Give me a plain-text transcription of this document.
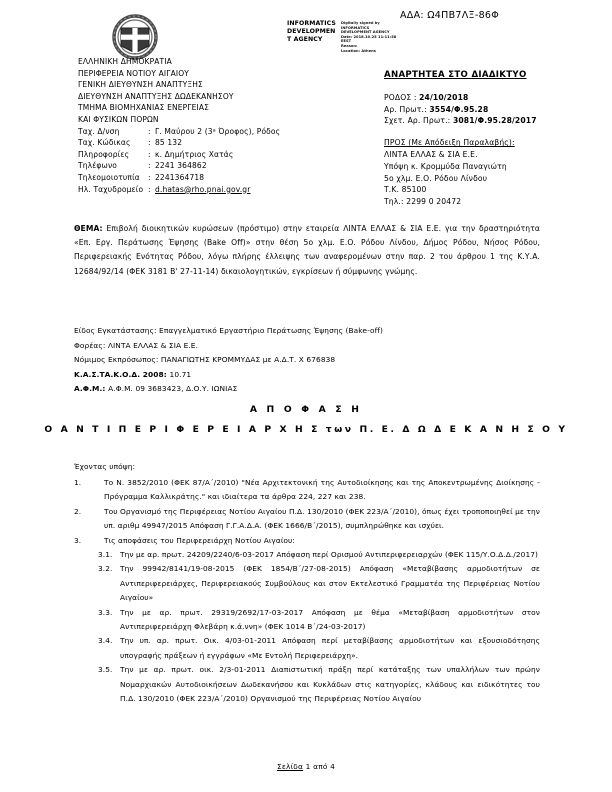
ΑΔΑ: Ω4ΠΒ7ΛΞ-86Φ
INFORMATICS
DEVELOPMEN
T AGENCY
Digitally signed by
INFORMATICS
DEVELOPMENT AGENCY
Date: 2018.10.25 11:11:58
EEST
Reason:
Location: Athens
ΕΛΛΗΝΙΚΗ ΔΗΜΟΚΡΑΤΙΑ
ΠΕΡΙΦΕΡΕΙΑ ΝΟΤΙΟΥ ΑΙΓΑΙΟΥ
ΓΕΝΙΚΗ ΔΙΕΥΘΥΝΣΗ ΑΝΑΠΤΥΞΗΣ
ΔΙΕΥΘΥΝΣΗ ΑΝΑΠΤΥΞΗΣ ΔΩΔΕΚΑΝΗΣΟΥ
ΤΜΗΜΑ ΒΙΟΜΗΧΑΝΙΑΣ ΕΝΕΡΓΕΙΑΣ
ΚΑΙ ΦΥΣΙΚΩΝ ΠΟΡΩΝ
Ταχ. Δ/νση	: Γ. Μαύρου 2 (3ᵃ Όροφος), Ρόδος
Ταχ. Κώδικας	: 85 132
Πληροφορίες	: κ. Δημήτριος Χατάς
Τηλέφωνο	: 2241 364862
Τηλεομοιοτυπία	: 2241364718
Ηλ. Ταχυδρομείο : d.hatas@rho.pnai.gov.gr
ΑΝΑΡΤΗΤΕΑ ΣΤΟ ΔΙΑΔΙΚΤΥΟ
ΡΟΔΟΣ : 24/10/2018
Αρ. Πρωτ.: 3554/Φ.95.28
Σχετ. Αρ. Πρωτ.: 3081/Φ.95.28/2017
ΠΡΟΣ (Με Απόδειξη Παραλαβής):
ΛΙΝΤΑ ΕΛΛΑΣ & ΣΙΑ Ε.Ε.
Υπόψη κ. Κρομμύδα Παναγιώτη
5ο χλμ. Ε.Ο. Ρόδου Λίνδου
Τ.Κ. 85100
Τηλ.: 2299 0 20472
ΘΕΜΑ: Επιβολή διοικητικών κυρώσεων (πρόστιμο) στην εταιρεία ΛΙΝΤΑ ΕΛΛΑΣ & ΣΙΑ Ε.Ε. για την δραστηριότητα «Επ. Εργ. Περάτωσης Έψησης (Bake Off)» στην θέση 5ο χλμ. Ε.Ο. Ρόδου Λίνδου, Δήμος Ρόδου, Νήσος Ρόδου, Περιφερειακής Ενότητας Ρόδου, λόγω πλήρης έλλειψης των αναφερομένων στην παρ. 2 του άρθρου 1 της Κ.Υ.Α. 12684/92/14 (ΦΕΚ 3181 Β' 27-11-14) δικαιολογητικών, εγκρίσεων ή σύμφωνης γνώμης.
Είδος Εγκατάστασης: Επαγγελματικό Εργαστήριο Περάτωσης Έψησης (Bake-off)
Φορέας: ΛΙΝΤΑ ΕΛΛΑΣ & ΣΙΑ Ε.Ε.
Νόμιμος Εκπρόσωπος: ΠΑΝΑΓΙΩΤΗΣ ΚΡΟΜΜΥΔΑΣ με Α.Δ.Τ. Χ 676838
Κ.Α.Σ.ΤΑ.Κ.Ο.Δ. 2008: 10.71
Α.Φ.Μ.: Α.Φ.Μ. 09 3683423, Δ.Ο.Υ. ΙΩΝΙΑΣ
Α Π Ο Φ Α Σ Η
Ο Α Ν Τ Ι Π Ε Ρ Ι Φ Ε Ρ Ε Ι Α Ρ Χ Η Σ των Π. Ε. Δ Ω Δ Ε Κ Α Ν Η Σ Ο Υ
Έχοντας υπόψη:
1.	Το Ν. 3852/2010 (ΦΕΚ 87/Α΄/2010) "Νέα Αρχιτεκτονική της Αυτοδιοίκησης και της Αποκεντρωμένης Διοίκησης - Πρόγραμμα Καλλικράτης." και ιδιαίτερα τα άρθρα 224, 227 και 238.
2.	Του Οργανισμό της Περιφέρειας Νοτίου Αιγαίου Π.Δ. 130/2010 (ΦΕΚ 223/Α΄/2010), όπως έχει τροποποιηθεί με την υπ. αριθμ 49947/2015 Απόφαση Γ.Γ.Α.Δ.Α. (ΦΕΚ 1666/Β΄/2015), συμπληρώθηκε και ισχύει.
3.	Τις αποφάσεις του Περιφερειάρχη Νοτίου Αιγαίου:
3.1.	Την με αρ. πρωτ. 24209/2240/6-03-2017 Απόφαση περί Ορισμού Αντιπεριφερειαρχών (ΦΕΚ 115/Υ.Ο.Δ.Δ./2017)
3.2.	Την 99942/8141/19-08-2015 (ΦΕΚ 1854/Β΄/27-08-2015) Απόφαση «Μεταβίβασης αρμοδιοτήτων σε Αντιπεριφερειάρχες, Περιφερειακούς Συμβούλους και στον Εκτελεστικό Γραμματέα της Περιφέρειας Νοτίου Αιγαίου»
3.3.	Την με αρ. πρωτ. 29319/2692/17-03-2017 Απόφαση με θέμα «Μεταβίβαση αρμοδιοτήτων στον Αντιπεριφερειάρχη Φλεβάρη κ.ά.ννη» (ΦΕΚ 1014 Β΄/24-03-2017)
3.4.	Την υπ. αρ. πρωτ. Οικ. 4/03-01-2011 Απόφαση περί μεταβίβασης αρμοδιοτήτων και εξουσιοδότησης υπογραφής πράξεων ή εγγράφων «Με Εντολή Περιφερειάρχη».
3.5.	Την με αρ. πρωτ. οικ. 2/3-01-2011 Διαπιστωτική πράξη περί κατάταξης των υπαλλήλων των πρώην Νομαρχιακών Αυτοδιοικήσεων Δωδεκανήσου και Κυκλάδων στις κατηγορίες, κλάδους και ειδικότητες του Π.Δ. 130/2010 (ΦΕΚ 223/Α΄/2010) Οργανισμού της Περιφέρειας Νοτίου Αιγαίου
Σελίδα 1 από 4
